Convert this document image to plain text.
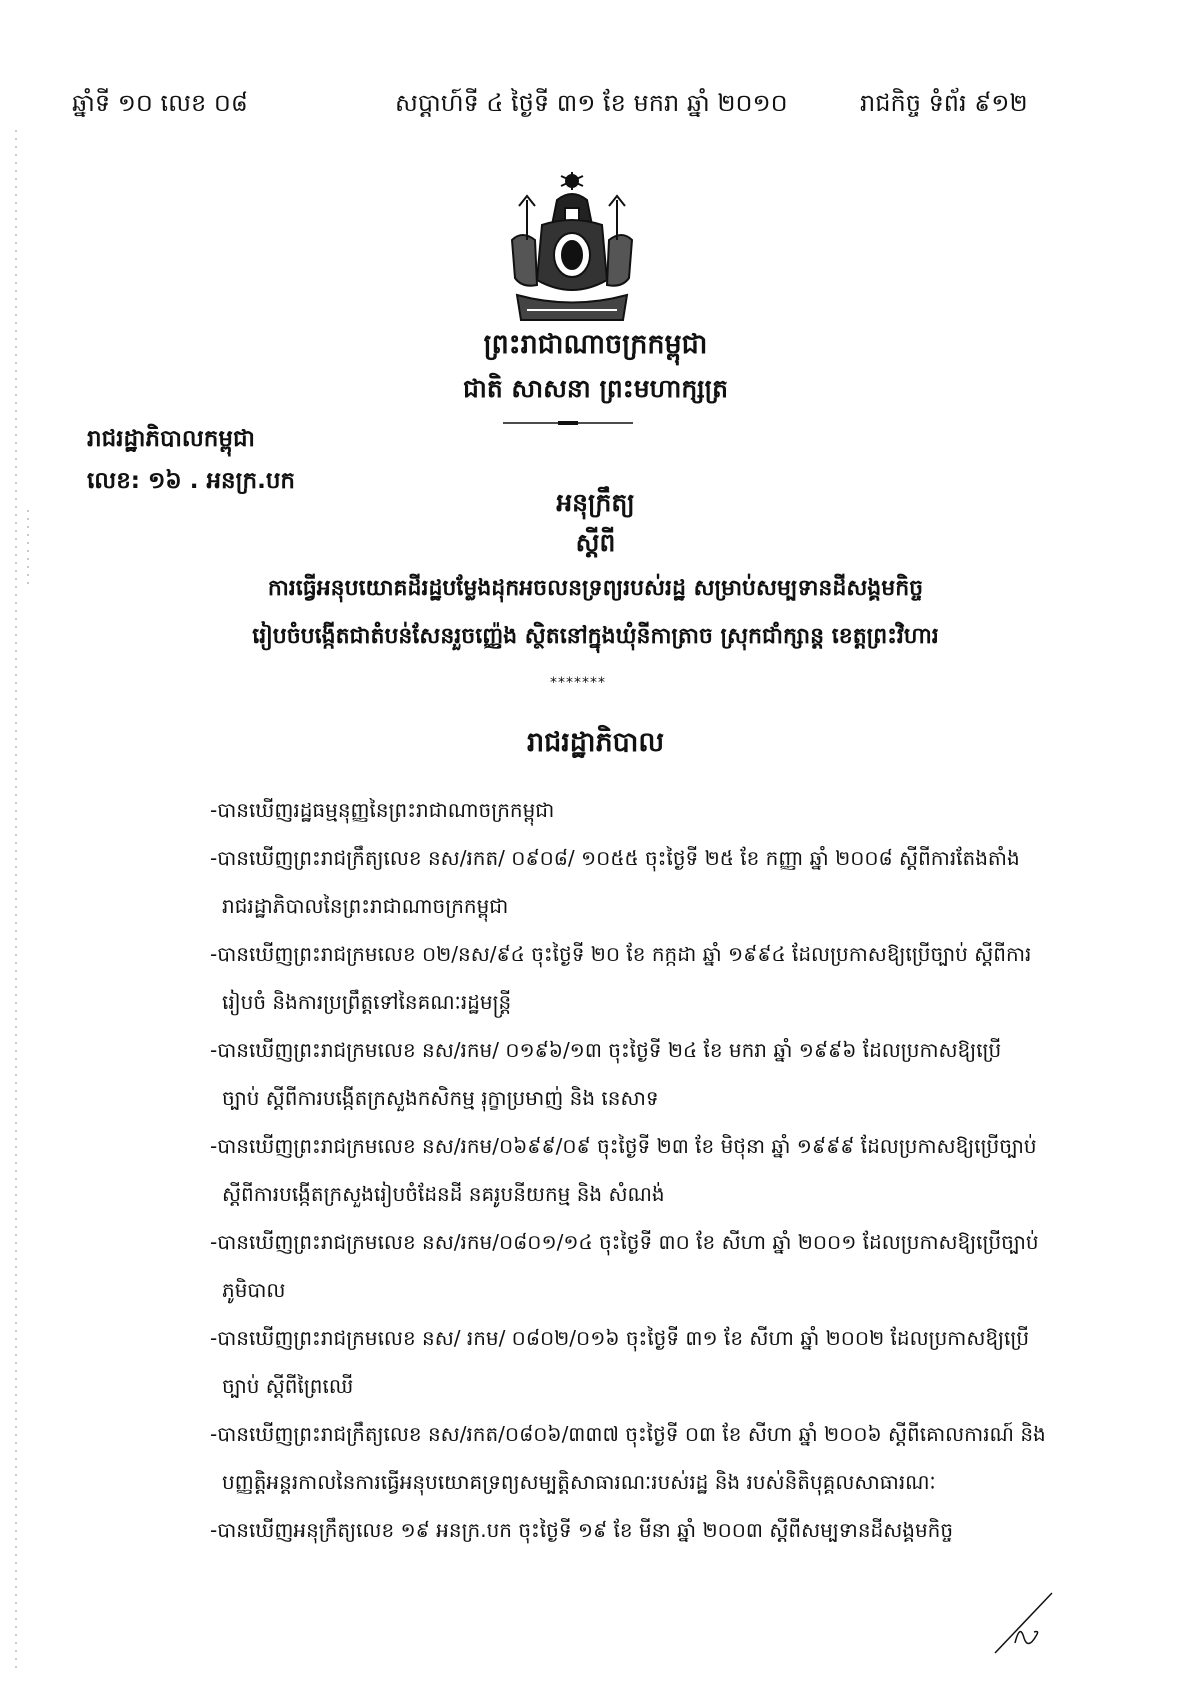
ឆ្នាំទី ១០ លេខ ០៨	សប្តាហ៍ទី ៤ ថ្ងៃទី ៣១ ខែ មករា ឆ្នាំ ២០១០	រាជកិច្ច ទំព័រ ៩១២
ព្រះរាជាណាចក្រកម្ពុជា
ជាតិ សាសនា ព្រះមហាក្សត្រ
រាជរដ្ឋាភិបាលកម្ពុជា
លេខ: ១៦ . អនក្រ.បក
អនុក្រឹត្យ
ស្តីពី
ការធ្វើអនុបយោគដីរដ្ឋបម្លែងដុកអចលនទ្រព្យរបស់រដ្ឋ សម្រាប់សម្បទានដីសង្គមកិច្ច
រៀបចំបង្កើតជាតំបន់សែនរួចញ្ញ៉េង ស្ថិតនៅក្នុងឃុំនីកាត្រាច ស្រុកជាំក្សាន្ត ខេត្តព្រះវិហារ
*******
រាជរដ្ឋាភិបាល
-បានឃើញរដ្ឋធម្មនុញ្ញនៃព្រះរាជាណាចក្រកម្ពុជា
-បានឃើញព្រះរាជក្រឹត្យលេខ នស/រកត/ ០៩០៨/ ១០៥៥ ចុះថ្ងៃទី ២៥ ខែ កញ្ញា ឆ្នាំ ២០០៨ ស្តីពីការតែងតាំង
រាជរដ្ឋាភិបាលនៃព្រះរាជាណាចក្រកម្ពុជា
-បានឃើញព្រះរាជក្រមលេខ ០២/នស/៩៤ ចុះថ្ងៃទី ២០ ខែ កក្កដា ឆ្នាំ ១៩៩៤ ដែលប្រកាសឱ្យប្រើច្បាប់ ស្តីពីការ
រៀបចំ និងការប្រព្រឹត្តទៅនៃគណៈរដ្ឋមន្ត្រី
-បានឃើញព្រះរាជក្រមលេខ នស/រកម/ ០១៩៦/១៣ ចុះថ្ងៃទី ២៤ ខែ មករា ឆ្នាំ ១៩៩៦ ដែលប្រកាសឱ្យប្រើ
ច្បាប់ ស្តីពីការបង្កើតក្រសួងកសិកម្ម រុក្ខាប្រមាញ់ និង នេសាទ
-បានឃើញព្រះរាជក្រមលេខ នស/រកម/០៦៩៩/០៩ ចុះថ្ងៃទី ២៣ ខែ មិថុនា ឆ្នាំ ១៩៩៩ ដែលប្រកាសឱ្យប្រើច្បាប់
ស្តីពីការបង្កើតក្រសួងរៀបចំដែនដី នគរូបនីយកម្ម និង សំណង់
-បានឃើញព្រះរាជក្រមលេខ នស/រកម/០៨០១/១៤ ចុះថ្ងៃទី ៣០ ខែ សីហា ឆ្នាំ ២០០១ ដែលប្រកាសឱ្យប្រើច្បាប់
ភូមិបាល
-បានឃើញព្រះរាជក្រមលេខ នស/ រកម/ ០៨០២/០១៦ ចុះថ្ងៃទី ៣១ ខែ សីហា ឆ្នាំ ២០០២ ដែលប្រកាសឱ្យប្រើ
ច្បាប់ ស្តីពីព្រៃឈើ
-បានឃើញព្រះរាជក្រឹត្យលេខ នស/រកត/០៨០៦/៣៣៧ ចុះថ្ងៃទី ០៣ ខែ សីហា ឆ្នាំ ២០០៦ ស្តីពីគោលការណ៍ និង
បញ្ញត្តិអន្តរកាលនៃការធ្វើអនុបយោគទ្រព្យសម្បត្តិសាធារណៈរបស់រដ្ឋ និង របស់និតិបុគ្គលសាធារណៈ
-បានឃើញអនុក្រឹត្យលេខ ១៩ អនក្រ.បក ចុះថ្ងៃទី ១៩ ខែ មីនា ឆ្នាំ ២០០៣ ស្តីពីសម្បទានដីសង្គមកិច្ច
